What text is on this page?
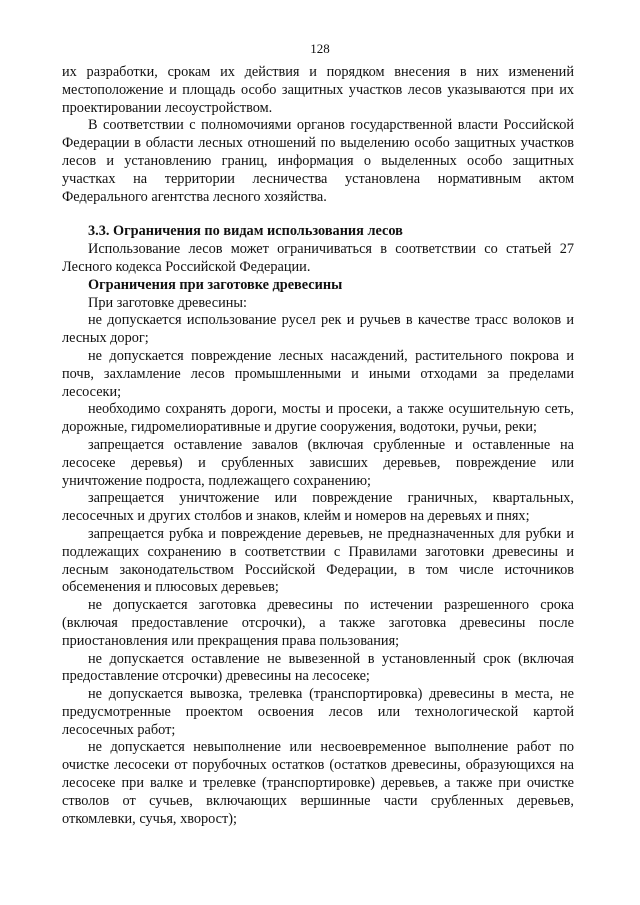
128
их разработки, срокам их действия и порядком внесения в них изменений местоположение и площадь особо защитных участков лесов указываются при их проектировании лесоустройством.
В соответствии с полномочиями органов государственной власти Российской Федерации в области лесных отношений по выделению особо защитных участков лесов и установлению границ, информация о выделенных особо защитных участках на территории лесничества установлена нормативным актом Федерального агентства лесного хозяйства.
3.3. Ограничения по видам использования лесов
Использование лесов может ограничиваться в соответствии со статьей 27 Лесного кодекса Российской Федерации.
Ограничения при заготовке древесины
При заготовке древесины:
не допускается использование русел рек и ручьев в качестве трасс волоков и лесных дорог;
не допускается повреждение лесных насаждений, растительного покрова и почв, захламление лесов промышленными и иными отходами за пределами лесосеки;
необходимо сохранять дороги, мосты и просеки, а также осушительную сеть, дорожные, гидромелиоративные и другие сооружения, водотоки, ручьи, реки;
запрещается оставление завалов (включая срубленные и оставленные на лесосеке деревья) и срубленных зависших деревьев, повреждение или уничтожение подроста, подлежащего сохранению;
запрещается уничтожение или повреждение граничных, квартальных, лесосечных и других столбов и знаков, клейм и номеров на деревьях и пнях;
запрещается рубка и повреждение деревьев, не предназначенных для рубки и подлежащих сохранению в соответствии с Правилами заготовки древесины и лесным законодательством Российской Федерации, в том числе источников обсеменения и плюсовых деревьев;
не допускается заготовка древесины по истечении разрешенного срока (включая предоставление отсрочки), а также заготовка древесины после приостановления или прекращения права пользования;
не допускается оставление не вывезенной в установленный срок (включая предоставление отсрочки) древесины на лесосеке;
не допускается вывозка, трелевка (транспортировка) древесины в места, не предусмотренные проектом освоения лесов или технологической картой лесосечных работ;
не допускается невыполнение или несвоевременное выполнение работ по очистке лесосеки от порубочных остатков (остатков древесины, образующихся на лесосеке при валке и трелевке (транспортировке) деревьев, а также при очистке стволов от сучьев, включающих вершинные части срубленных деревьев, откомлевки, сучья, хворост);
